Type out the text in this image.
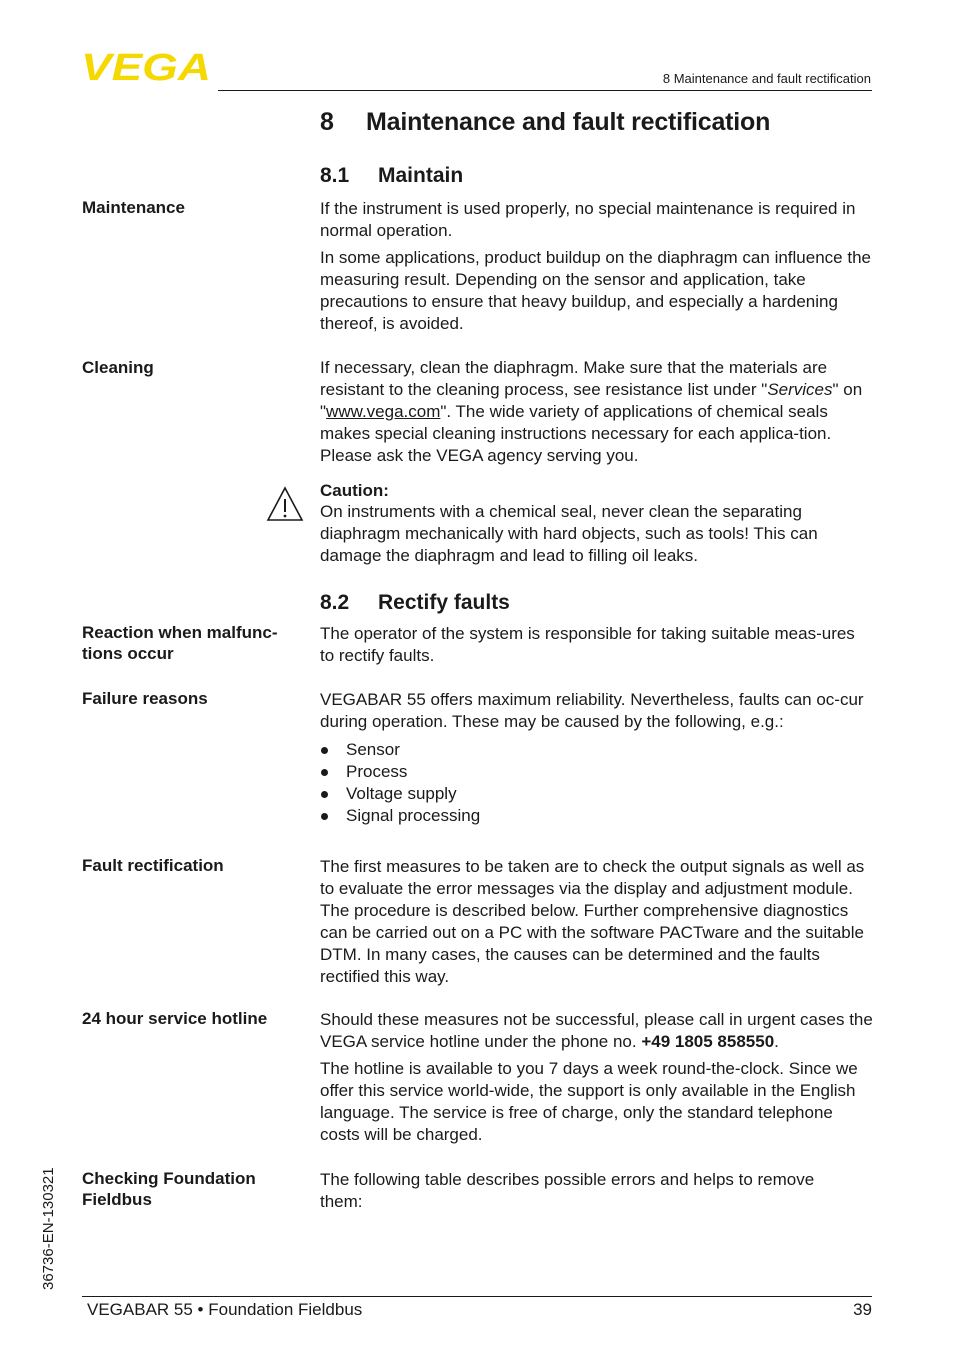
VEGA	8 Maintenance and fault rectification
8 Maintenance and fault rectification
8.1 Maintain
Maintenance	If the instrument is used properly, no special maintenance is required in normal operation.

In some applications, product buildup on the diaphragm can influence the measuring result. Depending on the sensor and application, take precautions to ensure that heavy buildup, and especially a hardening thereof, is avoided.

Cleaning	If necessary, clean the diaphragm. Make sure that the materials are resistant to the cleaning process, see resistance list under "Services" on "www.vega.com". The wide variety of applications of chemical seals makes special cleaning instructions necessary for each applica-tion. Please ask the VEGA agency serving you.

Caution:

On instruments with a chemical seal, never clean the separating diaphragm mechanically with hard objects, such as tools! This can damage the diaphragm and lead to filling oil leaks.

8.2 Rectify faults
Reaction when malfunc-tions occur

The operator of the system is responsible for taking suitable meas-ures to rectify faults.

Failure reasons	VEGABAR 55 offers maximum reliability. Nevertheless, faults can oc-cur during operation. These may be caused by the following, e.g.:

Sensor
Process
Voltage supply
Signal processing
Fault rectification	The first measures to be taken are to check the output signals as well as to evaluate the error messages via the display and adjustment module. The procedure is described below. Further comprehensive diagnostics can be carried out on a PC with the software PACTware and the suitable DTM. In many cases, the causes can be determined and the faults rectified this way.

24 hour service hotline	Should these measures not be successful, please call in urgent cases the VEGA service hotline under the phone no. +49 1805 858550.

The hotline is available to you 7 days a week round-the-clock. Since we offer this service world-wide, the support is only available in the English language. The service is free of charge, only the standard telephone costs will be charged.

Checking Foundation Fieldbus

The following table describes possible errors and helps to remove them:

36736-EN-130321
VEGABAR 55 • Foundation Fieldbus	39
